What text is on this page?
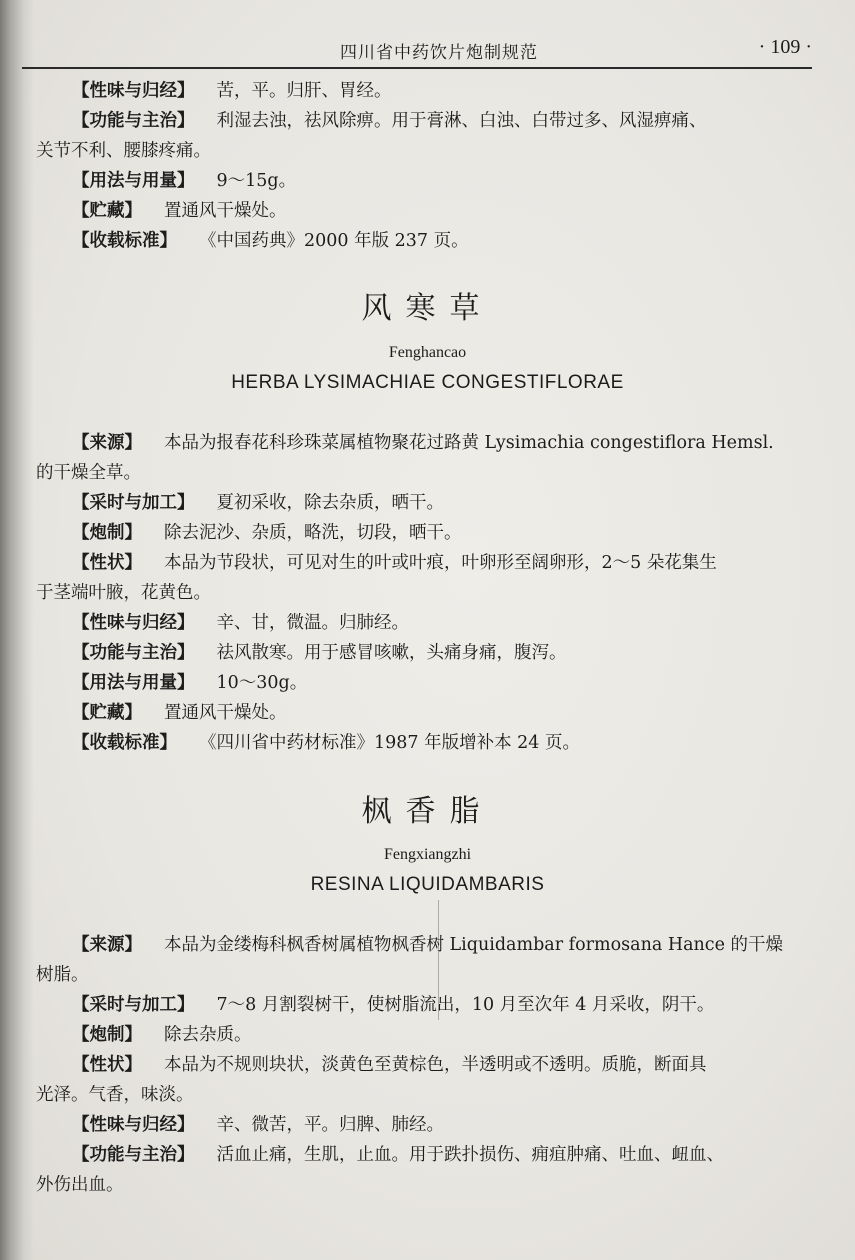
四川省中药饮片炮制规范	· 109 ·

【性味与归经】 苦，平。归肝、胃经。

【功能与主治】 利湿去浊，祛风除痹。用于膏淋、白浊、白带过多、风湿痹痛、

关节不利、腰膝疼痛。

【用法与用量】 9～15g。

【贮藏】 置通风干燥处。

【收载标准】 《中国药典》2000 年版 237 页。

风寒草
Fenghancao
HERBA LYSIMACHIAE CONGESTIFLORAE

【来源】 本品为报春花科珍珠菜属植物聚花过路黄 Lysimachia congestiflora Hemsl.

的干燥全草。

【采时与加工】 夏初采收，除去杂质，晒干。

【炮制】 除去泥沙、杂质，略洗，切段，晒干。

【性状】 本品为节段状，可见对生的叶或叶痕，叶卵形至阔卵形，2～5 朵花集生

于茎端叶腋，花黄色。

【性味与归经】 辛、甘，微温。归肺经。

【功能与主治】 祛风散寒。用于感冒咳嗽，头痛身痛，腹泻。

【用法与用量】 10～30g。

【贮藏】 置通风干燥处。

【收载标准】 《四川省中药材标准》1987 年版增补本 24 页。

枫香脂
Fengxiangzhi
RESINA LIQUIDAMBARIS

【来源】 本品为金缕梅科枫香树属植物枫香树 Liquidambar formosana Hance 的干燥

树脂。

【采时与加工】 7～8 月割裂树干，使树脂流出，10 月至次年 4 月采收，阴干。

【炮制】 除去杂质。

【性状】 本品为不规则块状，淡黄色至黄棕色，半透明或不透明。质脆，断面具

光泽。气香，味淡。

【性味与归经】 辛、微苦，平。归脾、肺经。

【功能与主治】 活血止痛，生肌，止血。用于跌扑损伤、痈疽肿痛、吐血、衄血、

外伤出血。
